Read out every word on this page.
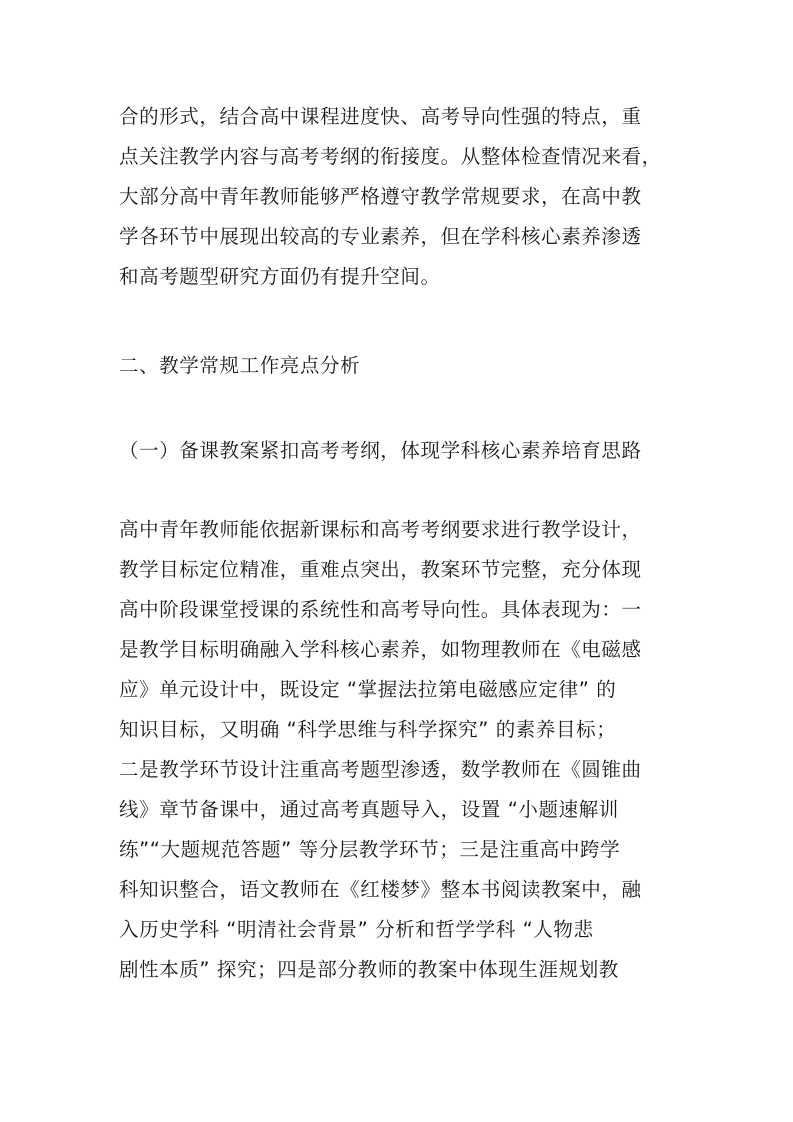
合的形式，结合高中课程进度快、高考导向性强的特点，重
点关注教学内容与高考考纲的衔接度。从整体检查情况来看，
大部分高中青年教师能够严格遵守教学常规要求，在高中教
学各环节中展现出较高的专业素养，但在学科核心素养渗透
和高考题型研究方面仍有提升空间。
二、教学常规工作亮点分析
（一）备课教案紧扣高考考纲，体现学科核心素养培育思路
高中青年教师能依据新课标和高考考纲要求进行教学设计，
教学目标定位精准，重难点突出，教案环节完整，充分体现
高中阶段课堂授课的系统性和高考导向性。具体表现为：一
是教学目标明确融入学科核心素养，如物理教师在《电磁感
应》单元设计中，既设定 “掌握法拉第电磁感应定律” 的
知识目标，又明确 “科学思维与科学探究” 的素养目标；
二是教学环节设计注重高考题型渗透，数学教师在《圆锥曲
线》章节备课中，通过高考真题导入，设置 “小题速解训
练”“大题规范答题” 等分层教学环节；三是注重高中跨学
科知识整合，语文教师在《红楼梦》整本书阅读教案中，融
入历史学科 “明清社会背景” 分析和哲学学科 “人物悲
剧性本质” 探究；四是部分教师的教案中体现生涯规划教
